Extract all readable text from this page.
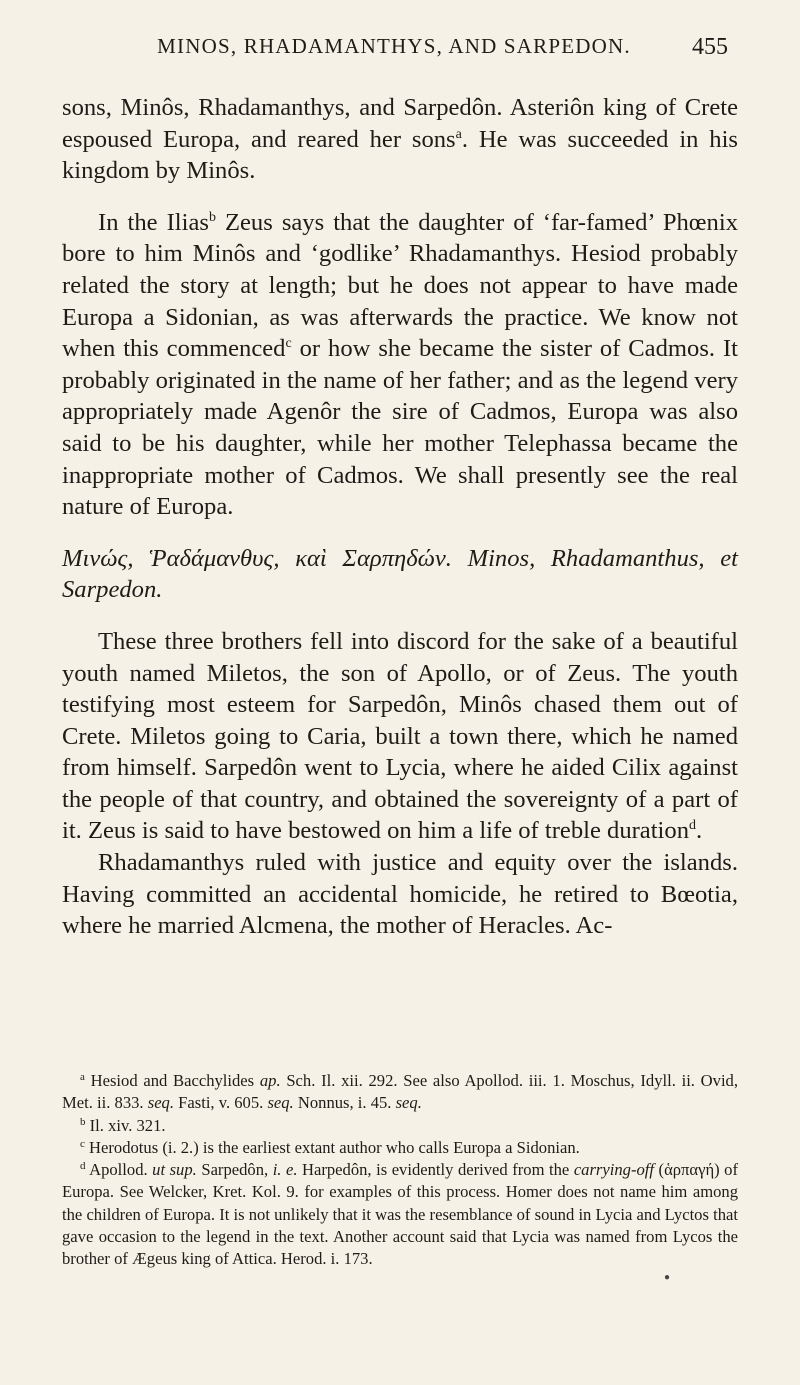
MINOS, RHADAMANTHYS, AND SARPEDON.	455

sons, Minôs, Rhadamanthys, and Sarpedôn. Asteriôn king of Crete espoused Europa, and reared her sons$^a$. He was succeeded in his kingdom by Minôs.

In the Ilias$^b$ Zeus says that the daughter of ‘far-famed’ Phœnix bore to him Minôs and ‘godlike’ Rhadamanthys. Hesiod probably related the story at length; but he does not appear to have made Europa a Sidonian, as was afterwards the practice. We know not when this commenced$^c$ or how she became the sister of Cadmos. It probably originated in the name of her father; and as the legend very appropriately made Agenôr the sire of Cadmos, Europa was also said to be his daughter, while her mother Telephassa became the inappropriate mother of Cadmos. We shall presently see the real nature of Europa.

Μινώς, Ῥαδάμανθυς, καὶ Σαρπηδών. Minos, Rhadamanthus, et Sarpedon.

These three brothers fell into discord for the sake of a beautiful youth named Miletos, the son of Apollo, or of Zeus. The youth testifying most esteem for Sarpedôn, Minôs chased them out of Crete. Miletos going to Caria, built a town there, which he named from himself. Sarpedôn went to Lycia, where he aided Cilix against the people of that country, and obtained the sovereignty of a part of it. Zeus is said to have bestowed on him a life of treble duration$^d$.

Rhadamanthys ruled with justice and equity over the islands. Having committed an accidental homicide, he retired to Bœotia, where he married Alcmena, the mother of Heracles. Ac-

$^a$ Hesiod and Bacchylides ap. Sch. Il. xii. 292. See also Apollod. iii. 1. Moschus, Idyll. ii. Ovid, Met. ii. 833. seq. Fasti, v. 605. seq. Nonnus, i. 45. seq.

$^b$ Il. xiv. 321.

$^c$ Herodotus (i. 2.) is the earliest extant author who calls Europa a Sidonian.

$^d$ Apollod. ut sup. Sarpedôn, i. e. Harpedôn, is evidently derived from the carrying-off (ἁρπαγή) of Europa. See Welcker, Kret. Kol. 9. for examples of this process. Homer does not name him among the children of Europa. It is not unlikely that it was the resemblance of sound in Lycia and Lyctos that gave occasion to the legend in the text. Another account said that Lycia was named from Lycos the brother of Ægeus king of Attica. Herod. i. 173.

●
